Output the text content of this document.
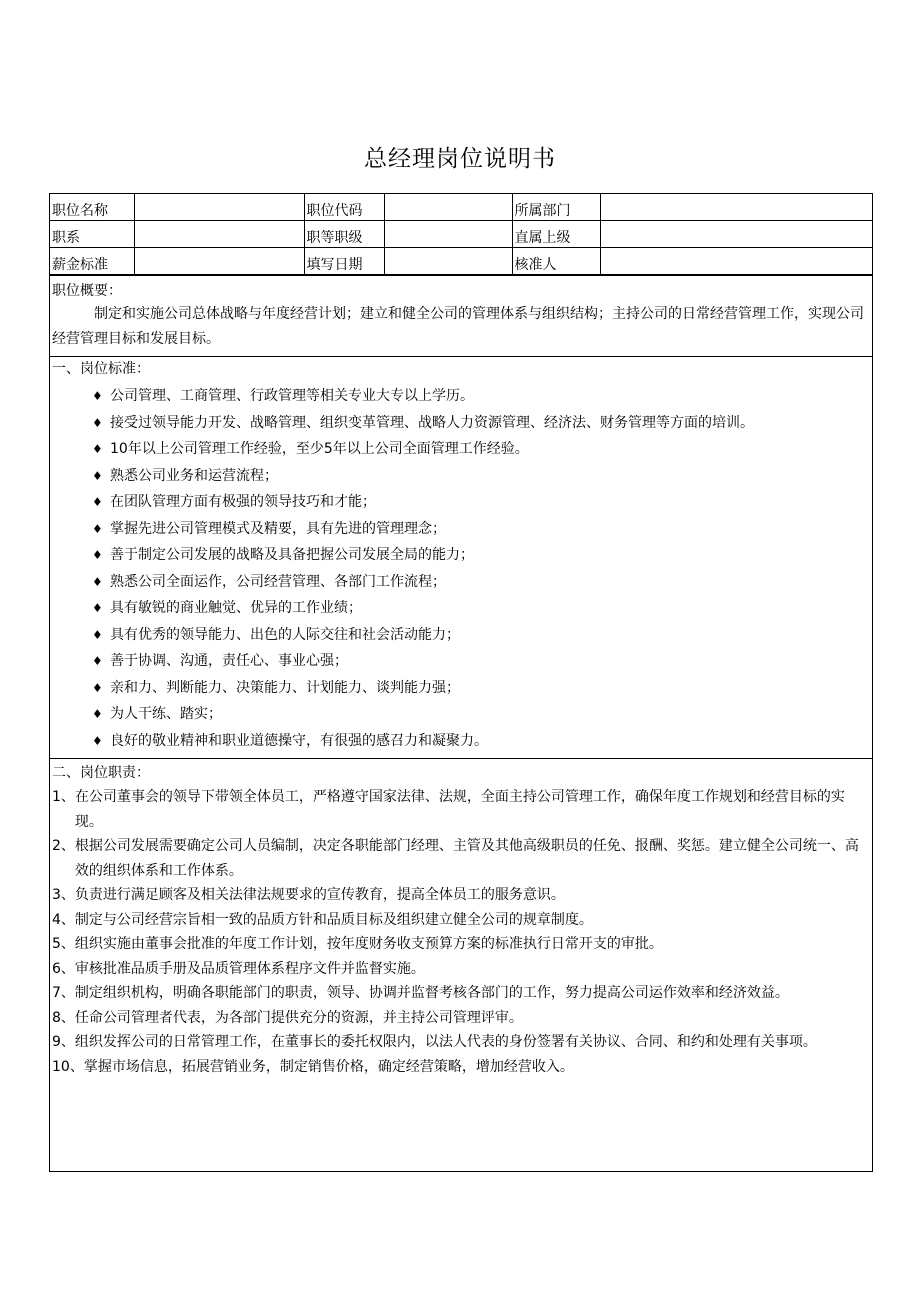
总经理岗位说明书
职位名称		职位代码		所属部门	
职系		职等职级		直属上级	
薪金标准		填写日期		核准人	
职位概要：
制定和实施公司总体战略与年度经营计划；建立和健全公司的管理体系与组织结构；主持公司的日常经营管理工作，实现公司经营管理目标和发展目标。
一、岗位标准：
♦ 公司管理、工商管理、行政管理等相关专业大专以上学历。
♦ 接受过领导能力开发、战略管理、组织变革管理、战略人力资源管理、经济法、财务管理等方面的培训。
♦ 10年以上公司管理工作经验，至少5年以上公司全面管理工作经验。
♦ 熟悉公司业务和运营流程；
♦ 在团队管理方面有极强的领导技巧和才能；
♦ 掌握先进公司管理模式及精要，具有先进的管理理念；
♦ 善于制定公司发展的战略及具备把握公司发展全局的能力；
♦ 熟悉公司全面运作，公司经营管理、各部门工作流程；
♦ 具有敏锐的商业触觉、优异的工作业绩；
♦ 具有优秀的领导能力、出色的人际交往和社会活动能力；
♦ 善于协调、沟通，责任心、事业心强；
♦ 亲和力、判断能力、决策能力、计划能力、谈判能力强；
♦ 为人干练、踏实；
♦ 良好的敬业精神和职业道德操守，有很强的感召力和凝聚力。
二、岗位职责：
1、 在公司董事会的领导下带领全体员工，严格遵守国家法律、法规，全面主持公司管理工作，确保年度工作规划和经营目标的实现。
2、 根据公司发展需要确定公司人员编制，决定各职能部门经理、主管及其他高级职员的任免、报酬、奖惩。建立健全公司统一、高效的组织体系和工作体系。
3、 负责进行满足顾客及相关法律法规要求的宣传教育，提高全体员工的服务意识。
4、 制定与公司经营宗旨相一致的品质方针和品质目标及组织建立健全公司的规章制度。
5、 组织实施由董事会批准的年度工作计划，按年度财务收支预算方案的标准执行日常开支的审批。
6、 审核批准品质手册及品质管理体系程序文件并监督实施。
7、 制定组织机构，明确各职能部门的职责，领导、协调并监督考核各部门的工作，努力提高公司运作效率和经济效益。
8、 任命公司管理者代表，为各部门提供充分的资源，并主持公司管理评审。
9、 组织发挥公司的日常管理工作，在董事长的委托权限内，以法人代表的身份签署有关协议、合同、和约和处理有关事项。
10、 掌握市场信息，拓展营销业务，制定销售价格，确定经营策略，增加经营收入。
